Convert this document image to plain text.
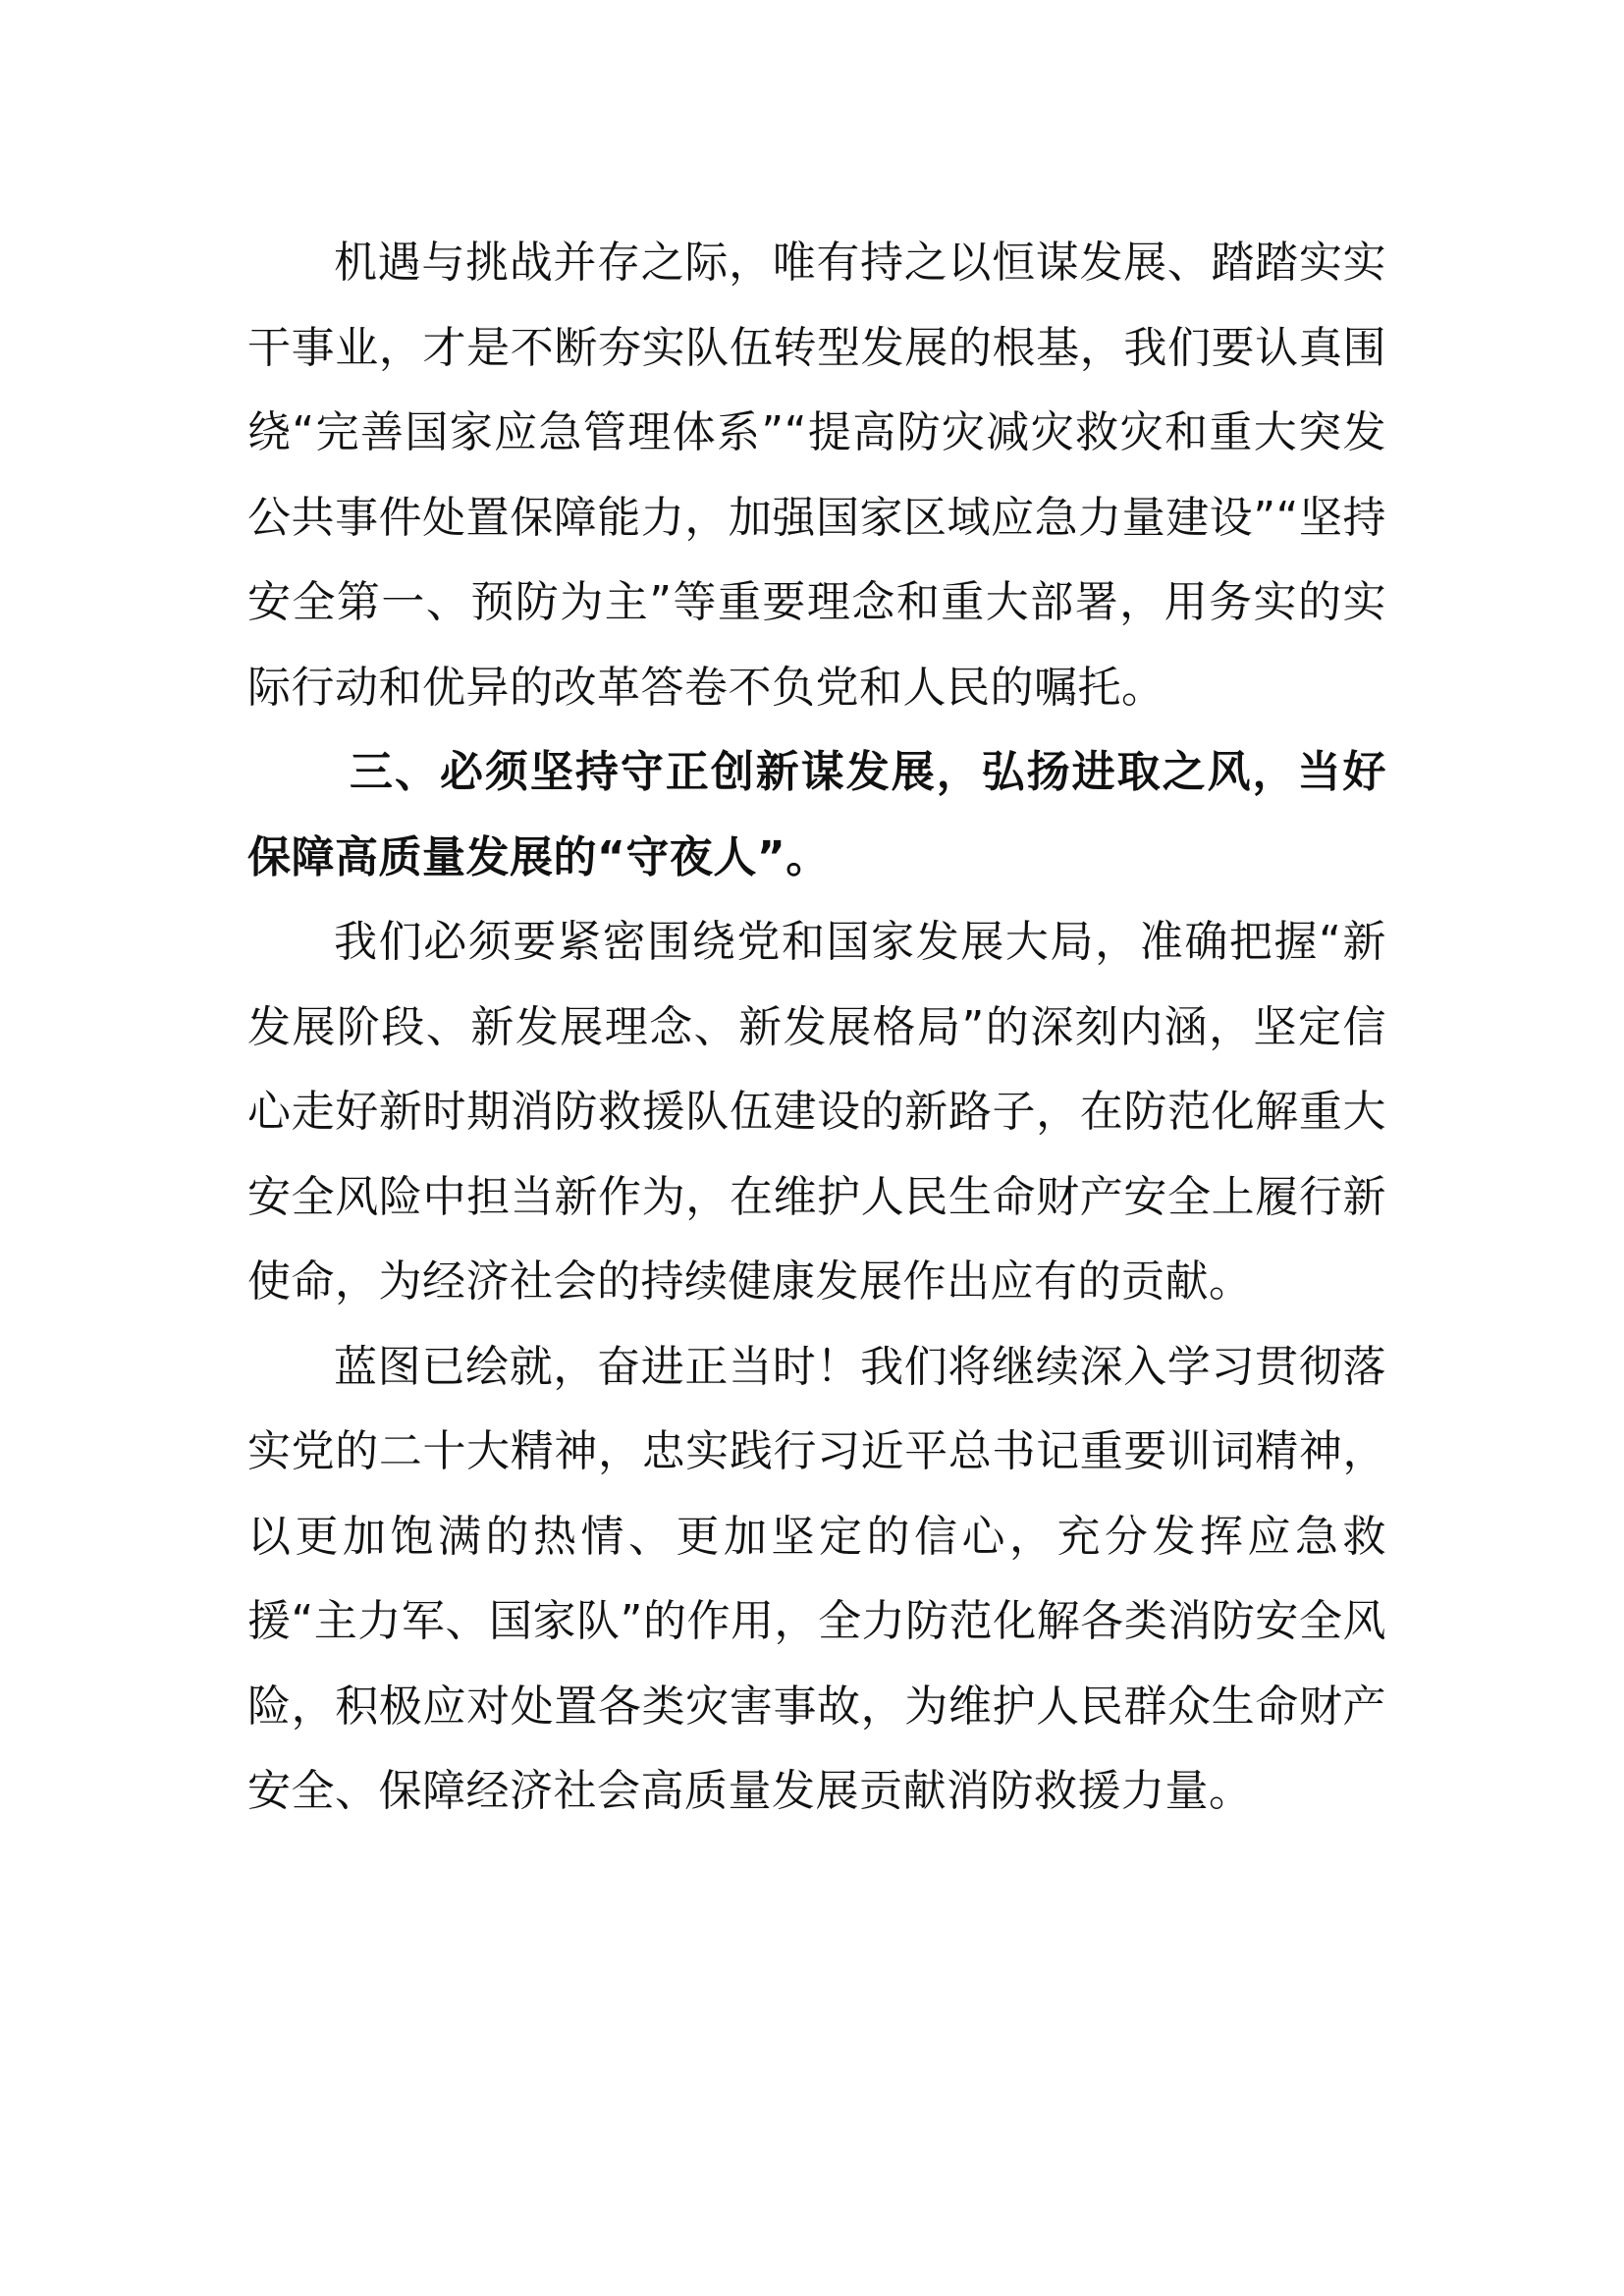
机遇与挑战并存之际，唯有持之以恒谋发展、踏踏实实干事业，才是不断夯实队伍转型发展的根基，我们要认真围绕“完善国家应急管理体系”“提高防灾减灾救灾和重大突发公共事件处置保障能力，加强国家区域应急力量建设”“坚持安全第一、预防为主”等重要理念和重大部署，用务实的实际行动和优异的改革答卷不负党和人民的嘱托。

三、必须坚持守正创新谋发展，弘扬进取之风，当好保障高质量发展的“守夜人”。

我们必须要紧密围绕党和国家发展大局，准确把握“新发展阶段、新发展理念、新发展格局”的深刻内涵，坚定信心走好新时期消防救援队伍建设的新路子，在防范化解重大安全风险中担当新作为，在维护人民生命财产安全上履行新使命，为经济社会的持续健康发展作出应有的贡献。

蓝图已绘就，奋进正当时！我们将继续深入学习贯彻落实党的二十大精神，忠实践行习近平总书记重要训词精神，以更加饱满的热情、更加坚定的信心，充分发挥应急救援“主力军、国家队”的作用，全力防范化解各类消防安全风险，积极应对处置各类灾害事故，为维护人民群众生命财产安全、保障经济社会高质量发展贡献消防救援力量。
